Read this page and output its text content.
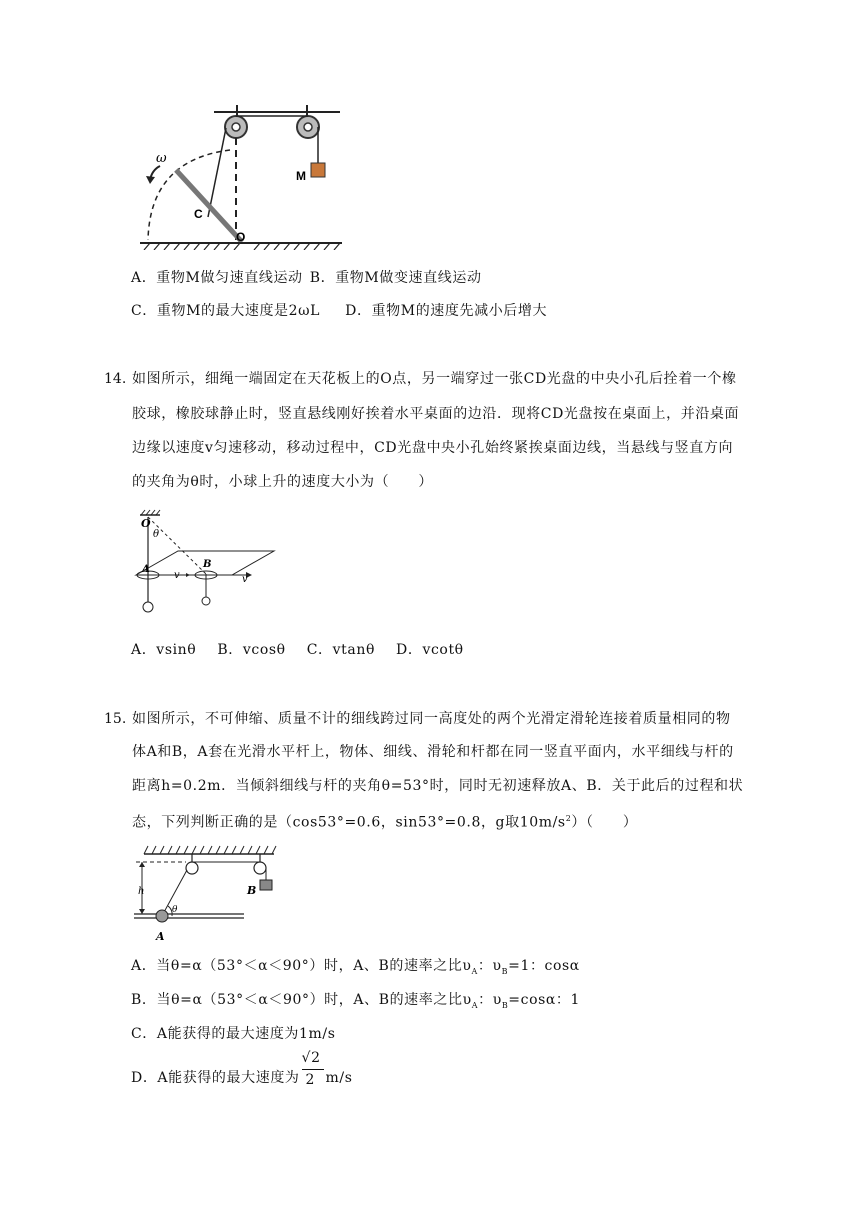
ω
C
O
M
A．重物M做匀速直线运动 B．重物M做变速直线运动
C．重物M的最大速度是2ωL D．重物M的速度先减小后增大
14. 如图所示，细绳一端固定在天花板上的O点，另一端穿过一张CD光盘的中央小孔后拴着一个橡
胶球，橡胶球静止时，竖直悬线刚好挨着水平桌面的边沿．现将CD光盘按在桌面上，并沿桌面
边缘以速度v匀速移动，移动过程中，CD光盘中央小孔始终紧挨桌面边线，当悬线与竖直方向
的夹角为θ时，小球上升的速度大小为（　　）
O
θ
A
v
B
v
A．vsinθ B．vcosθ C．vtanθ D．vcotθ
15. 如图所示，不可伸缩、质量不计的细线跨过同一高度处的两个光滑定滑轮连接着质量相同的物
体A和B，A套在光滑水平杆上，物体、细线、滑轮和杆都在同一竖直平面内，水平细线与杆的
距离h=0.2m．当倾斜细线与杆的夹角θ=53°时，同时无初速释放A、B．关于此后的过程和状
态，下列判断正确的是（cos53°=0.6，sin53°=0.8，g取$10m/s^2$）（　　）
h	B
θ
A
A．当θ=α（53°＜α＜90°）时，A、B的速率之比$\upsilon_A$：$\upsilon_B=1$：cosα
B．当θ=α（53°＜α＜90°）时，A、B的速率之比$\upsilon_A$：$\upsilon_B=\cos\alpha$：1
C．A能获得的最大速度为1m/s
D．A能获得的最大速度为
√2
2 m/s
